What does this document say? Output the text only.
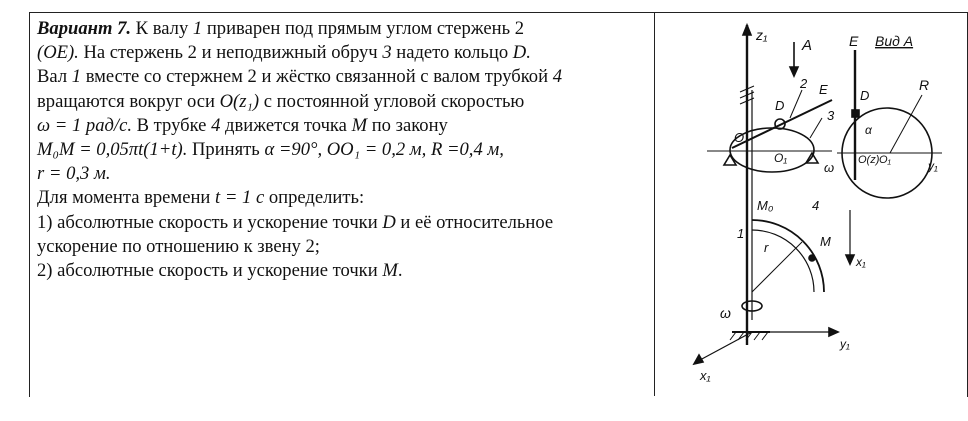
Вариант 7. К валу 1 приварен под прямым углом стержень 2

(OE). На стержень 2 и неподвижный обруч 3 надето кольцо D.

Вал 1 вместе со стержнем 2 и жёстко связанной с валом трубкой 4

вращаются вокруг оси O(z₁) с постоянной угловой скоростью

ω = 1 рад/с. В трубке 4 движется точка M по закону

M₀M = 0,05πt(1+t). Принять α =90°, OO₁ = 0,2 м, R =0,4 м,

r = 0,3 м.

Для момента времени t = 1 c определить:

1) абсолютные скорость и ускорение точки D и её относительное

ускорение по отношению к звену 2;

2) абсолютные скорость и ускорение точки M.

z₁
A
D
E
2
3
O
O₁
E Вид А
R
D
α
O(z) O₁	y₁
ω
M₀	4
1
r	M
x₁
ω
y₁
x₁
